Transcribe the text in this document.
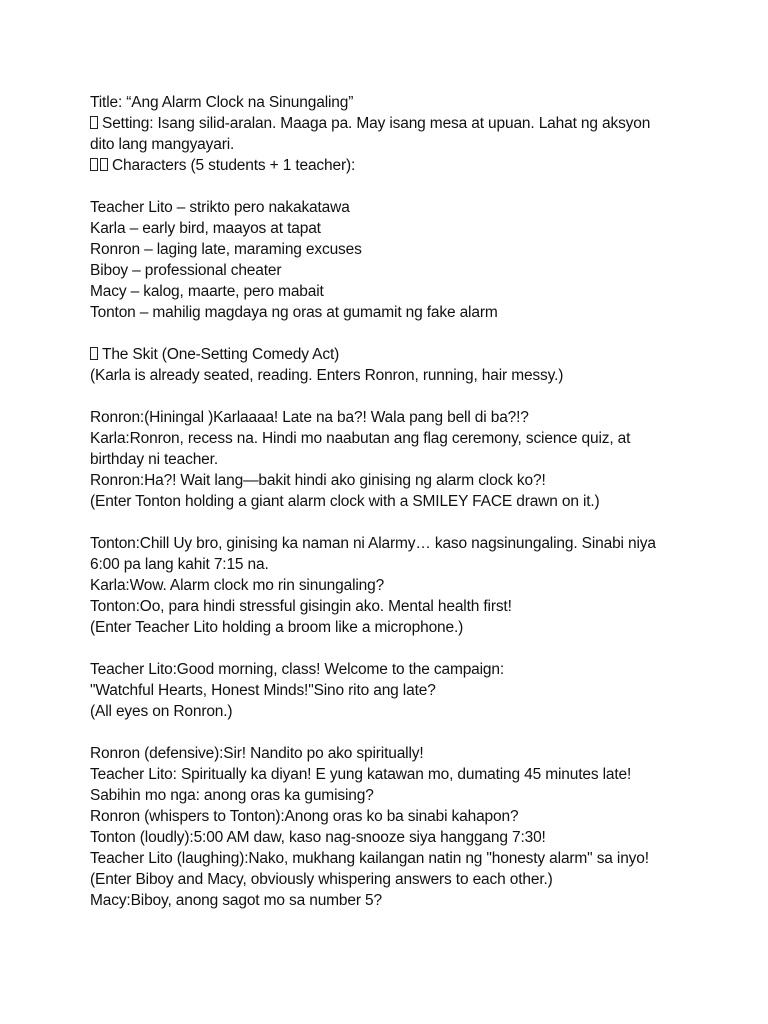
Title: “Ang Alarm Clock na Sinungaling”
Setting: Isang silid-aralan. Maaga pa. May isang mesa at upuan. Lahat ng aksyon dito lang mangyayari.
Characters (5 students + 1 teacher):
Teacher Lito – strikto pero nakakatawa
Karla – early bird, maayos at tapat
Ronron – laging late, maraming excuses
Biboy – professional cheater
Macy – kalog, maarte, pero mabait
Tonton – mahilig magdaya ng oras at gumamit ng fake alarm
The Skit (One-Setting Comedy Act)
(Karla is already seated, reading. Enters Ronron, running, hair messy.)
Ronron:(Hiningal )Karlaaaa! Late na ba?! Wala pang bell di ba?!?
Karla:Ronron, recess na. Hindi mo naabutan ang flag ceremony, science quiz, at birthday ni teacher.
Ronron:Ha?! Wait lang—bakit hindi ako ginising ng alarm clock ko?!
(Enter Tonton holding a giant alarm clock with a SMILEY FACE drawn on it.)
Tonton:Chill Uy bro, ginising ka naman ni Alarmy… kaso nagsinungaling. Sinabi niya 6:00 pa lang kahit 7:15 na.
Karla:Wow. Alarm clock mo rin sinungaling?
Tonton:Oo, para hindi stressful gisingin ako. Mental health first!
(Enter Teacher Lito holding a broom like a microphone.)
Teacher Lito:Good morning, class! Welcome to the campaign:
"Watchful Hearts, Honest Minds!"Sino rito ang late?
(All eyes on Ronron.)
Ronron (defensive):Sir! Nandito po ako spiritually!
Teacher Lito: Spiritually ka diyan! E yung katawan mo, dumating 45 minutes late! Sabihin mo nga: anong oras ka gumising?
Ronron (whispers to Tonton):Anong oras ko ba sinabi kahapon?
Tonton (loudly):5:00 AM daw, kaso nag-snooze siya hanggang 7:30!
Teacher Lito (laughing):Nako, mukhang kailangan natin ng "honesty alarm" sa inyo!
(Enter Biboy and Macy, obviously whispering answers to each other.)
Macy:Biboy, anong sagot mo sa number 5?
